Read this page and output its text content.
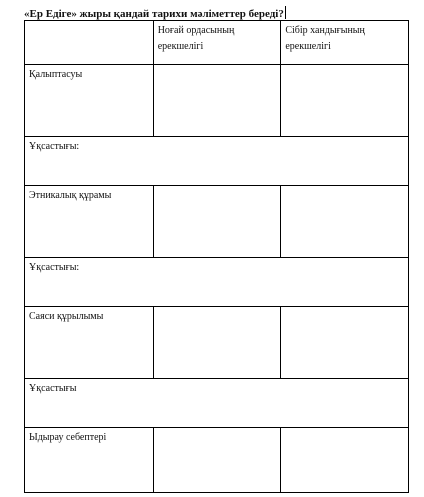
«Ер Едіге» жыры қандай тарихи мәліметтер береді?

	Ноғай ордасының ерекшелігі	Сібір хандығының ерекшелігі

Қалыптасуы		

Ұқсастығы:		

Этникалық құрамы		

Ұқсастығы:		

Саяси құрылымы		

Ұқсастығы		

Ыдырау себептері		
